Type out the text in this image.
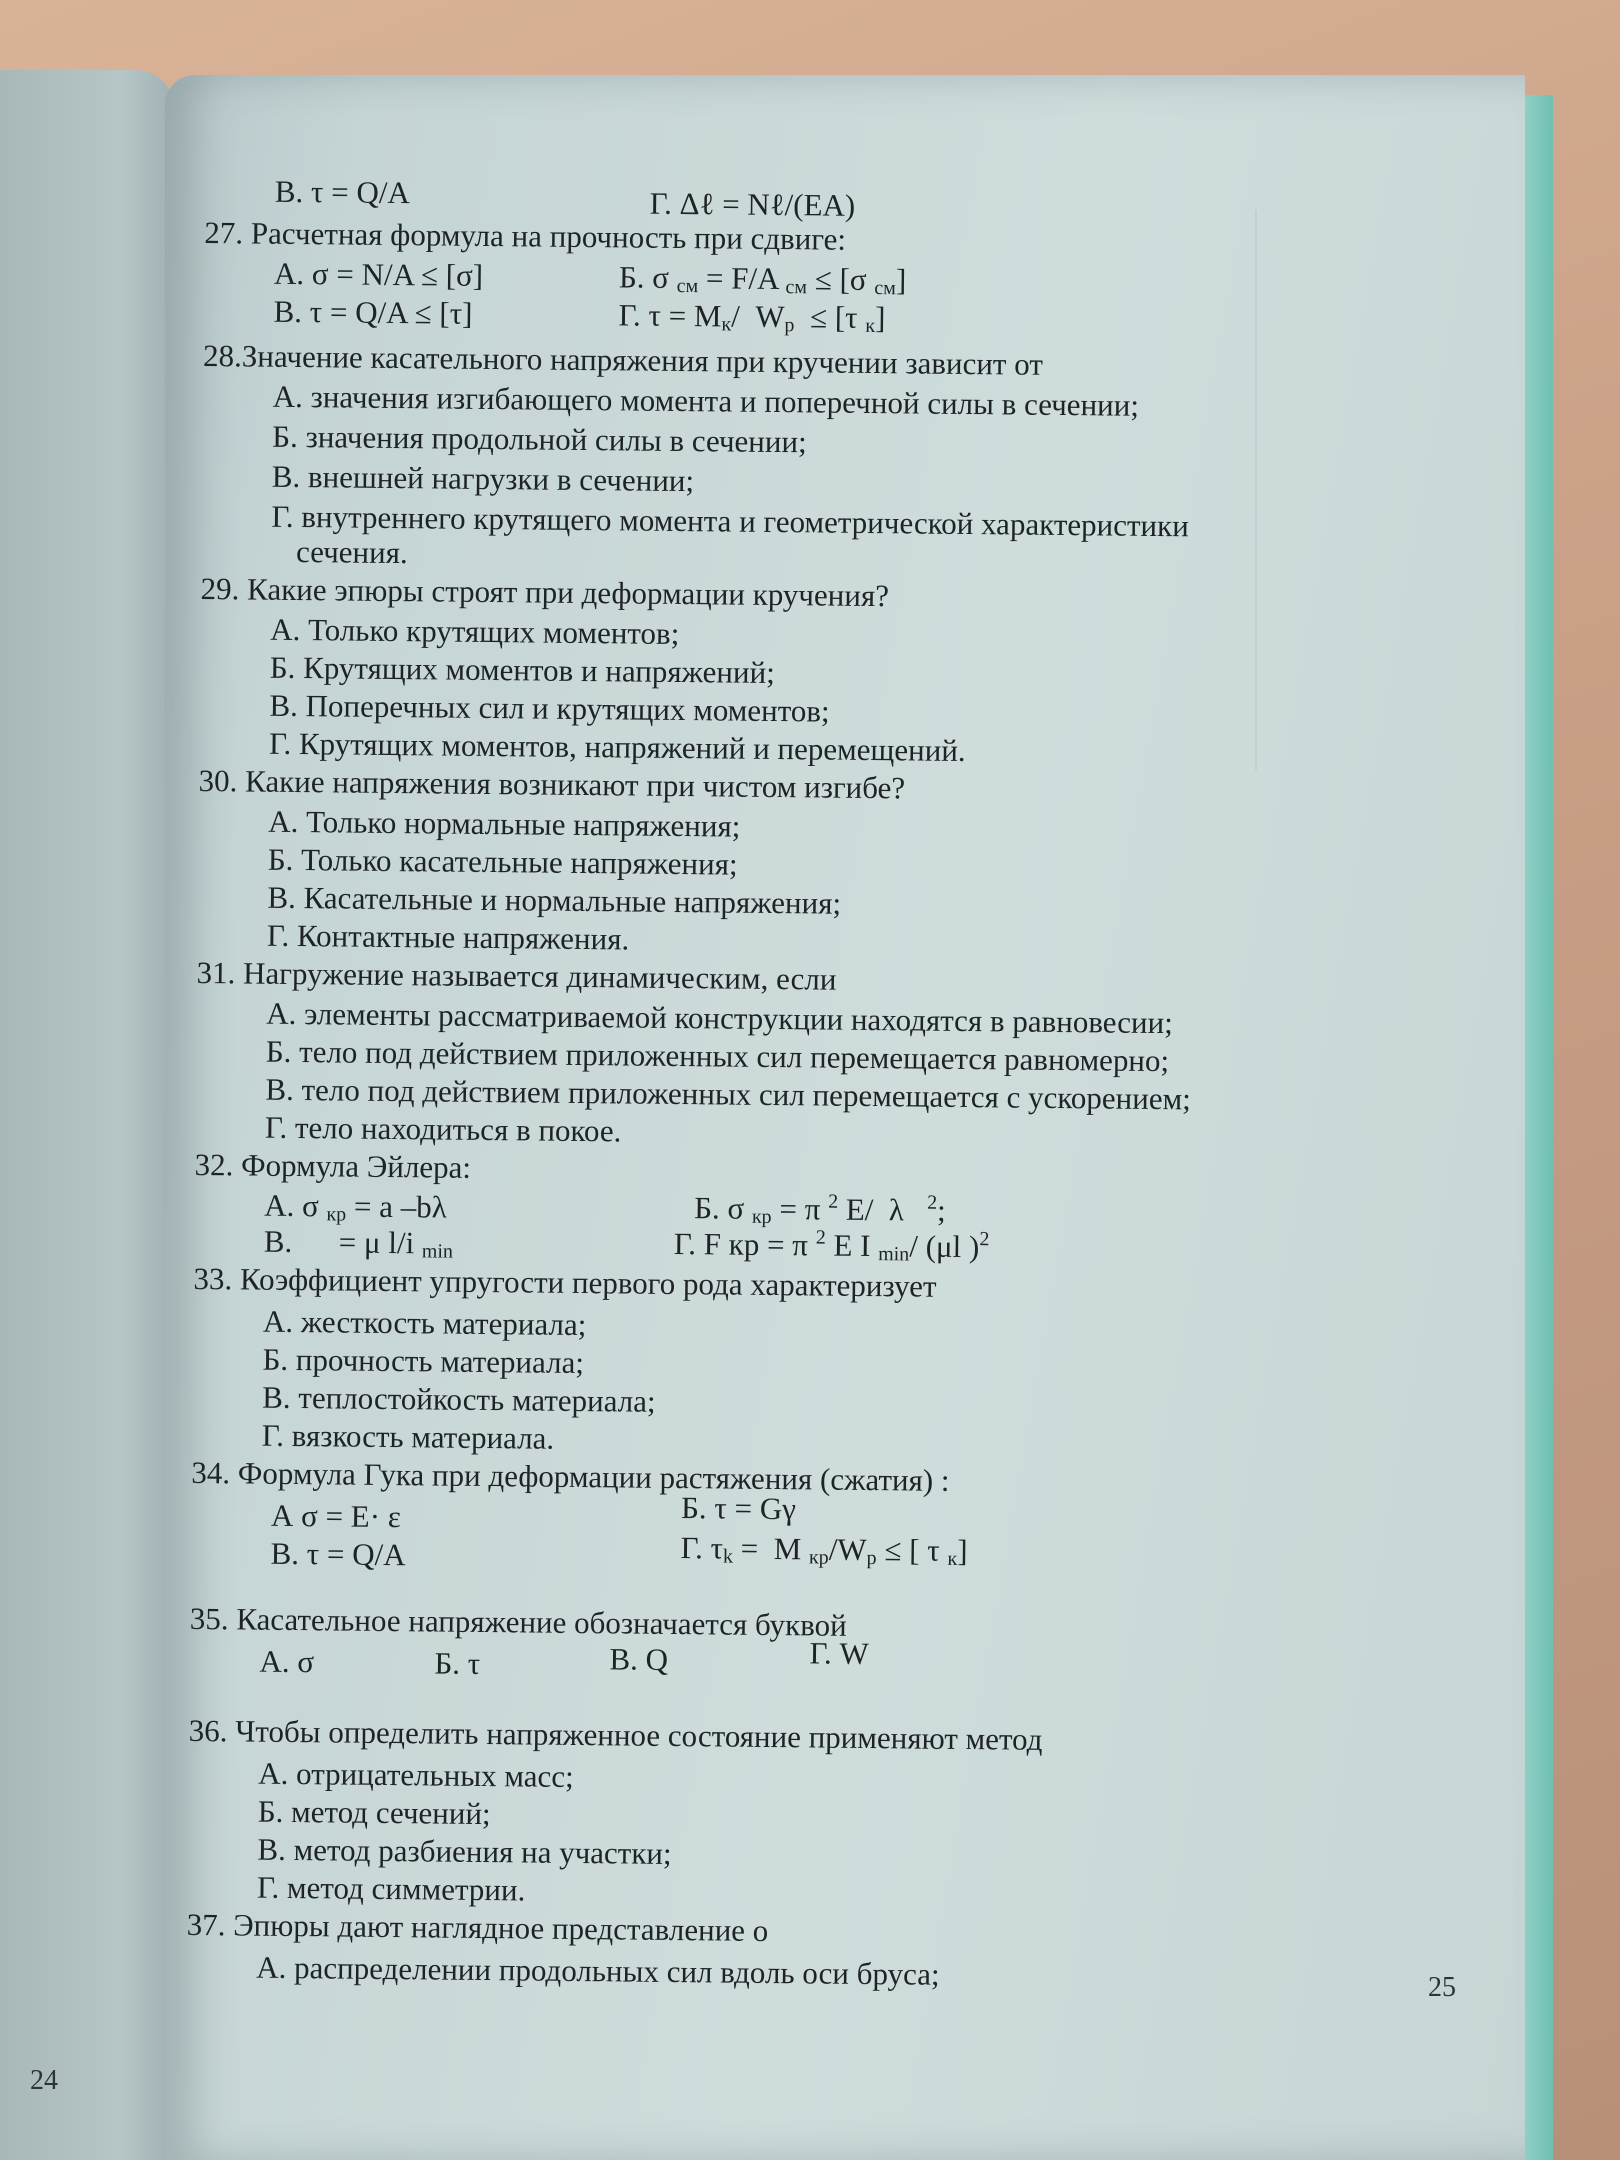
24
В. τ = Q/A	Г. Δℓ = Nℓ/(EA)
27. Расчетная формула на прочность при сдвиге:
А. σ = N/A ≤ [σ]	Б. σ $_{см}$ = F/A $_{см}$ ≤ [σ $_{см}$]
В. τ = Q/A ≤ [τ]	Г. $\tau = M_к/$  $W_р \le [\tau$ $_к$]
28.Значение касательного напряжения при кручении зависит от
А. значения изгибающего момента и поперечной силы в сечении;
Б. значения продольной силы в сечении;
В. внешней нагрузки в сечении;
Г. внутреннего крутящего момента и геометрической характеристики
сечения.
29. Какие эпюры строят при деформации кручения?
А. Только крутящих моментов;
Б. Крутящих моментов и напряжений;
В. Поперечных сил и крутящих моментов;
Г. Крутящих моментов, напряжений и перемещений.
30. Какие напряжения возникают при чистом изгибе?
А. Только нормальные напряжения;
Б. Только касательные напряжения;
В. Касательные и нормальные напряжения;
Г. Контактные напряжения.
31. Нагружение называется динамическим, если
А. элементы рассматриваемой конструкции находятся в равновесии;
Б. тело под действием приложенных сил перемещается равномерно;
В. тело под действием приложенных сил перемещается с ускорением;
Г. тело находиться в покое.
32. Формула Эйлера:
А. σ $_{кр}$ = a –bλ	Б. σ $_{кр}$ = π $^2$ E/  λ   $^2$;
В.      = μ l/i $_{min}$	Г. F кр = π $^2$ E I $_{min}$/ (μl )$^2$
33. Коэффициент упругости первого рода характеризует
А. жесткость материала;
Б. прочность материала;
В. теплостойкость материала;
Г. вязкость материала.
34. Формула Гука при деформации растяжения (сжатия) :
А σ = E· ε	Б. τ = Gγ
В. τ = Q/A	Г. $\tau_k = M$ $_{кр}/W_р$ ≤ [ τ $_к$]
35. Касательное напряжение обозначается буквой
А. σ	Б. τ	В. Q	Г. W
36. Чтобы определить напряженное состояние применяют метод
А. отрицательных масс;
Б. метод сечений;
В. метод разбиения на участки;
Г. метод симметрии.
37. Эпюры дают наглядное представление о
А. распределении продольных сил вдоль оси бруса;	25
